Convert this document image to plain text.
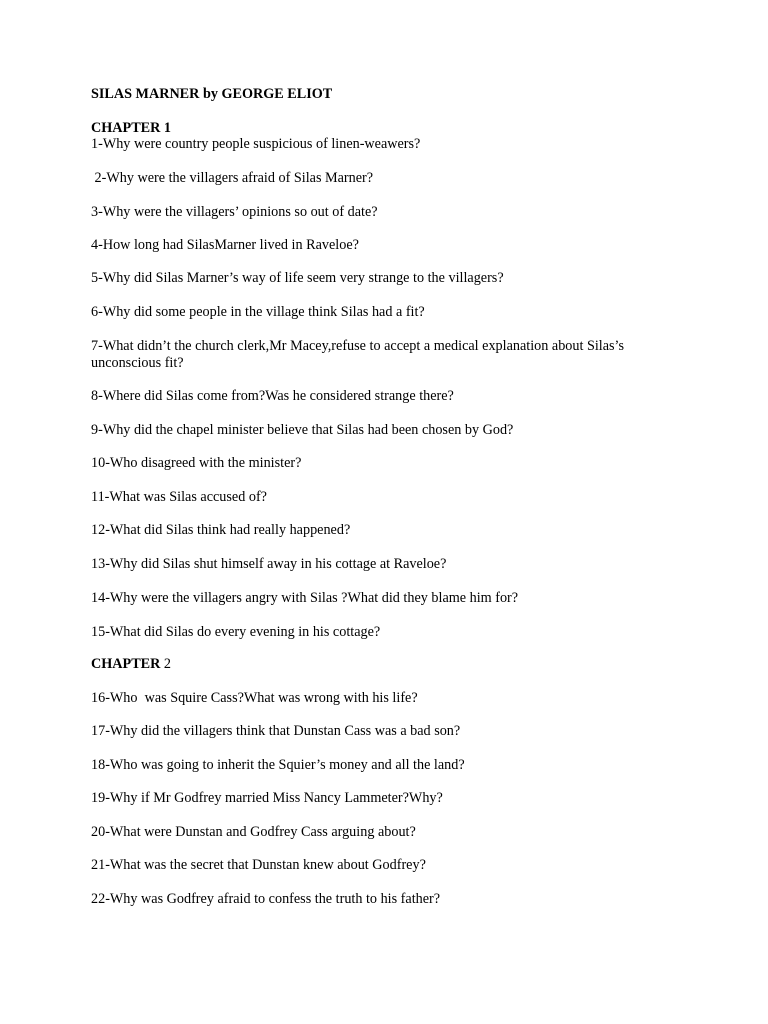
SILAS MARNER by GEORGE ELIOT

CHAPTER 1

1-Why were country people suspicious of linen-weawers?

2-Why were the villagers afraid of Silas Marner?

3-Why were the villagers’ opinions so out of date?

4-How long had SilasMarner lived in Raveloe?

5-Why did Silas Marner’s way of life seem very strange to the villagers?

6-Why did some people in the village think Silas had a fit?

7-What didn’t the church clerk,Mr Macey,refuse to accept a medical explanation about Silas’s unconscious fit?

8-Where did Silas come from?Was he considered strange there?

9-Why did the chapel minister believe that Silas had been chosen by God?

10-Who disagreed with the minister?

11-What was Silas accused of?

12-What did Silas think had really happened?

13-Why did Silas shut himself away in his cottage at Raveloe?

14-Why were the villagers angry with Silas ?What did they blame him for?

15-What did Silas do every evening in his cottage?

CHAPTER 2

16-Who  was Squire Cass?What was wrong with his life?

17-Why did the villagers think that Dunstan Cass was a bad son?

18-Who was going to inherit the Squier’s money and all the land?

19-Why if Mr Godfrey married Miss Nancy Lammeter?Why?

20-What were Dunstan and Godfrey Cass arguing about?

21-What was the secret that Dunstan knew about Godfrey?

22-Why was Godfrey afraid to confess the truth to his father?
